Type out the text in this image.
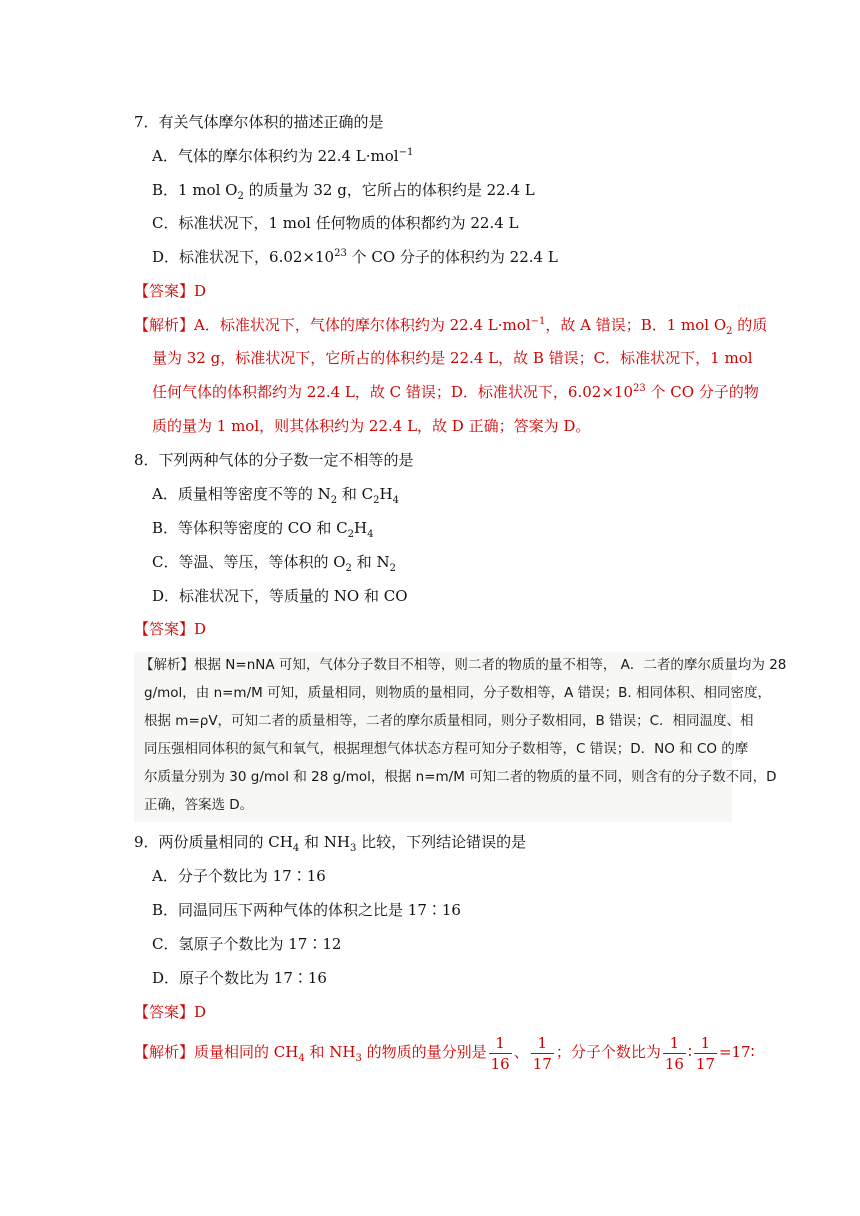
7．有关气体摩尔体积的描述正确的是
A．气体的摩尔体积约为 22.4 L·mol$^{-1}$
B．1 mol $O_2$ 的质量为 32 g，它所占的体积约是 22.4 L
C．标准状况下，1 mol 任何物质的体积都约为 22.4 L
D．标准状况下，$6.02\times 10^{23}$ 个 CO 分子的体积约为 22.4 L
【答案】D
【解析】A．标准状况下，气体的摩尔体积约为 22.4 L·mol$^{-1}$，故 A 错误；B．1 mol $O_2$ 的质
量为 32 g，标准状况下，它所占的体积约是 22.4 L，故 B 错误；C．标准状况下，1 mol
任何气体的体积都约为 22.4 L，故 C 错误；D．标准状况下，$6.02\times 10^{23}$ 个 CO 分子的物
质的量为 1 mol，则其体积约为 22.4 L，故 D 正确；答案为 D。
8．下列两种气体的分子数一定不相等的是
A．质量相等密度不等的 $N_2$ 和 $C_2H_4$
B．等体积等密度的 CO 和 $C_2H_4$
C．等温、等压，等体积的 $O_2$ 和 $N_2$
D．标准状况下，等质量的 NO 和 CO
【答案】D
【解析】根据 N=nNA 可知，气体分子数目不相等，则二者的物质的量不相等， A．二者的摩尔质量均为 28
g/mol，由 n=m/M 可知，质量相同，则物质的量相同，分子数相等，A 错误；B. 相同体积、相同密度，
根据 m=ρV，可知二者的质量相等，二者的摩尔质量相同，则分子数相同，B 错误；C．相同温度、相
同压强相同体积的氮气和氧气，根据理想气体状态方程可知分子数相等，C 错误；D．NO 和 CO 的摩
尔质量分别为 30 g/mol 和 28 g/mol，根据 n=m/M 可知二者的物质的量不同，则含有的分子数不同，D
正确，答案选 D。
9．两份质量相同的 $CH_4$ 和 $NH_3$ 比较，下列结论错误的是
A．分子个数比为 17∶16
B．同温同压下两种气体的体积之比是 17∶16
C．氢原子个数比为 17∶12
D．原子个数比为 17∶16
【答案】D
【解析】质量相同的 $CH_4$ 和 $NH_3$ 的物质的量分别是 $\frac{1}{16}$ 、 $\frac{1}{17}$ ；分子个数比为 $\frac{1}{16}$ ∶ $\frac{1}{17}$ =17∶
